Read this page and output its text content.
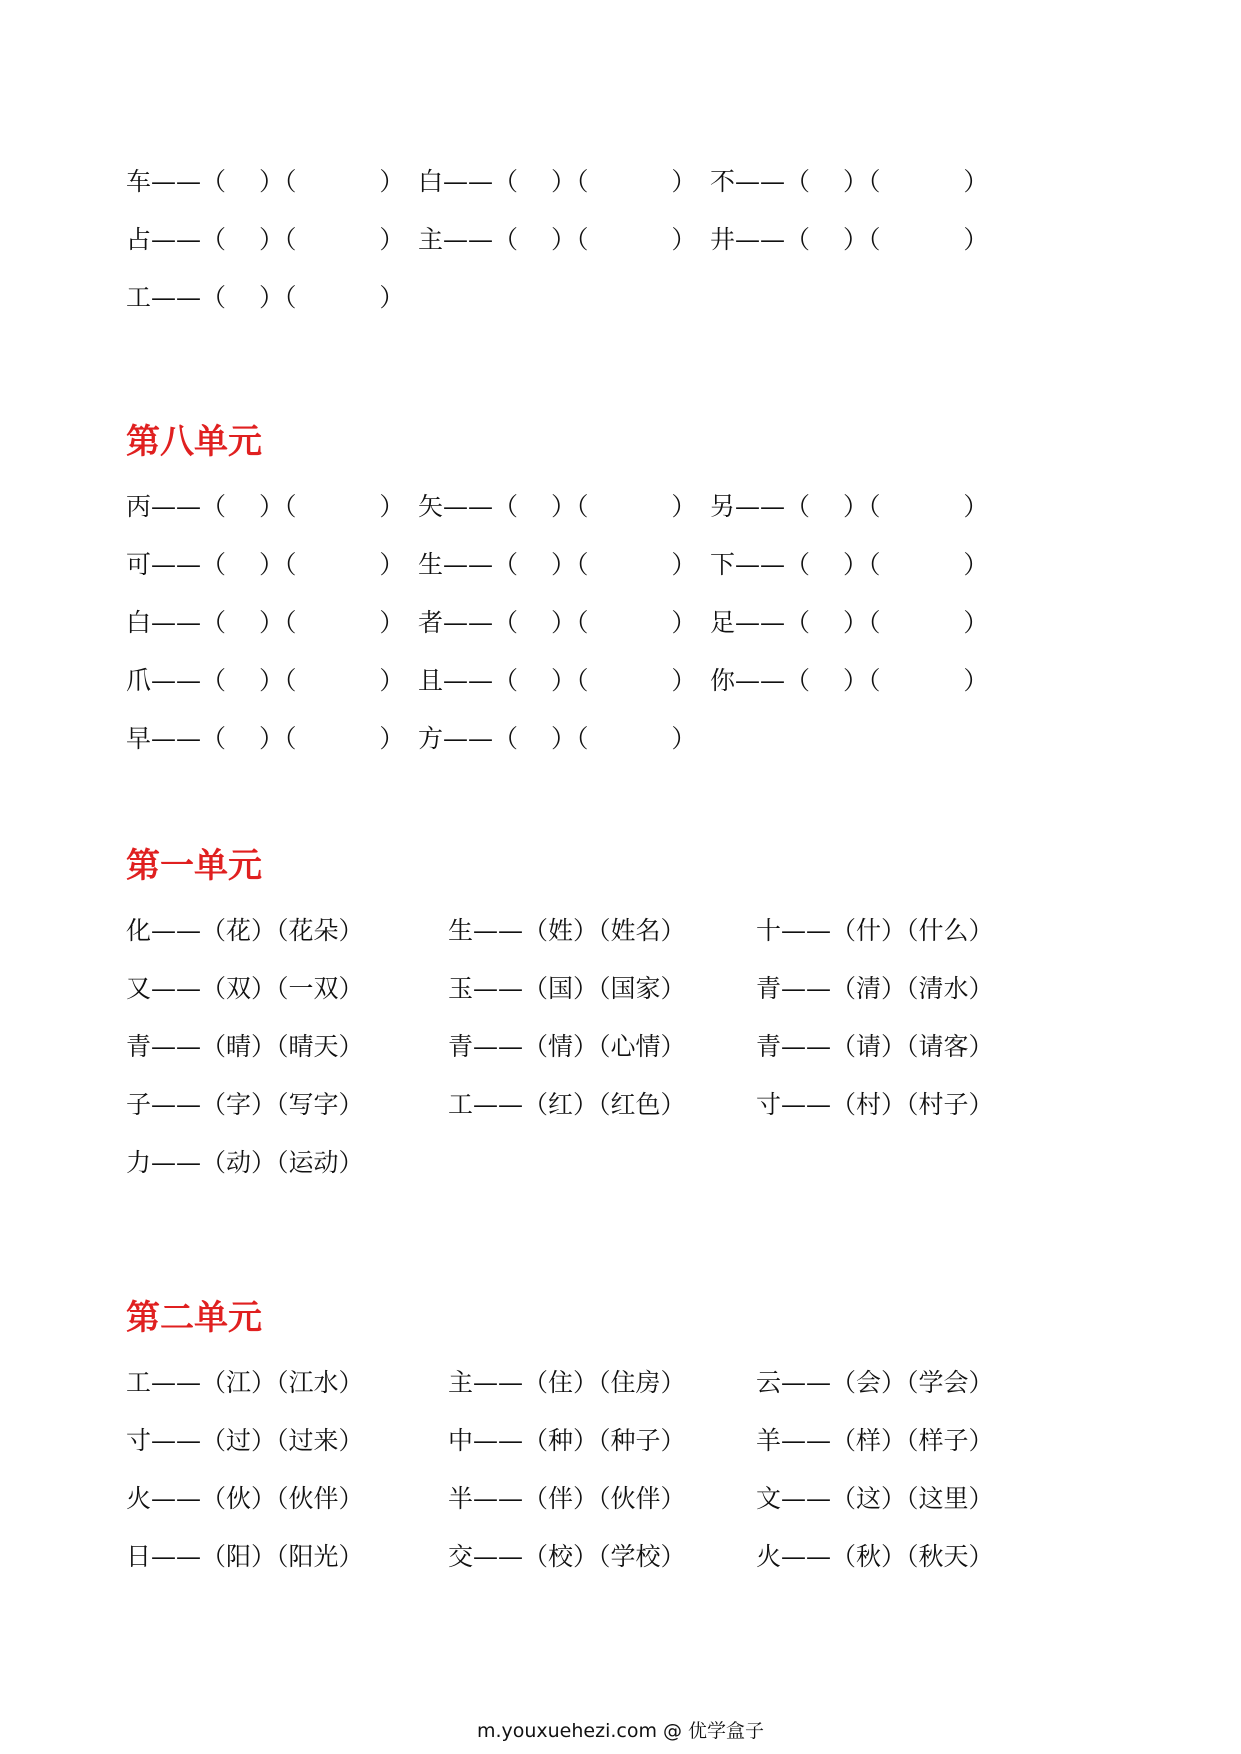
车——（　 ）（　　　 ） 白——（　 ）（　　　 ） 不——（　 ）（　　　 ）
占——（　 ）（　　　 ） 主——（　 ）（　　　 ） 井——（　 ）（　　　 ）
工——（　 ）（　　　 ）
第八单元
丙——（　 ）（　　　 ） 矢——（　 ）（　　　 ） 另——（　 ）（　　　 ）
可——（　 ）（　　　 ） 生——（　 ）（　　　 ） 下——（　 ）（　　　 ）
白——（　 ）（　　　 ） 者——（　 ）（　　　 ） 足——（　 ）（　　　 ）
爪——（　 ）（　　　 ） 且——（　 ）（　　　 ） 你——（　 ）（　　　 ）
早——（　 ）（　　　 ） 方——（　 ）（　　　 ）
第一单元
化——（花）（花朵）	生——（姓）（姓名）	十——（什）（什么）
又——（双）（一双）	玉——（国）（国家）	青——（清）（清水）
青——（晴）（晴天）	青——（情）（心情）	青——（请）（请客）
子——（字）（写字）	工——（红）（红色）	寸——（村）（村子）
力——（动）（运动）
第二单元
工——（江）（江水）	主——（住）（住房）	云——（会）（学会）
寸——（过）（过来）	中——（种）（种子）	羊——（样）（样子）
火——（伙）（伙伴）	半——（伴）（伙伴）	文——（这）（这里）
日——（阳）（阳光）	交——（校）（学校）	火——（秋）（秋天）
m.youxuehezi.com @ 优学盒子
